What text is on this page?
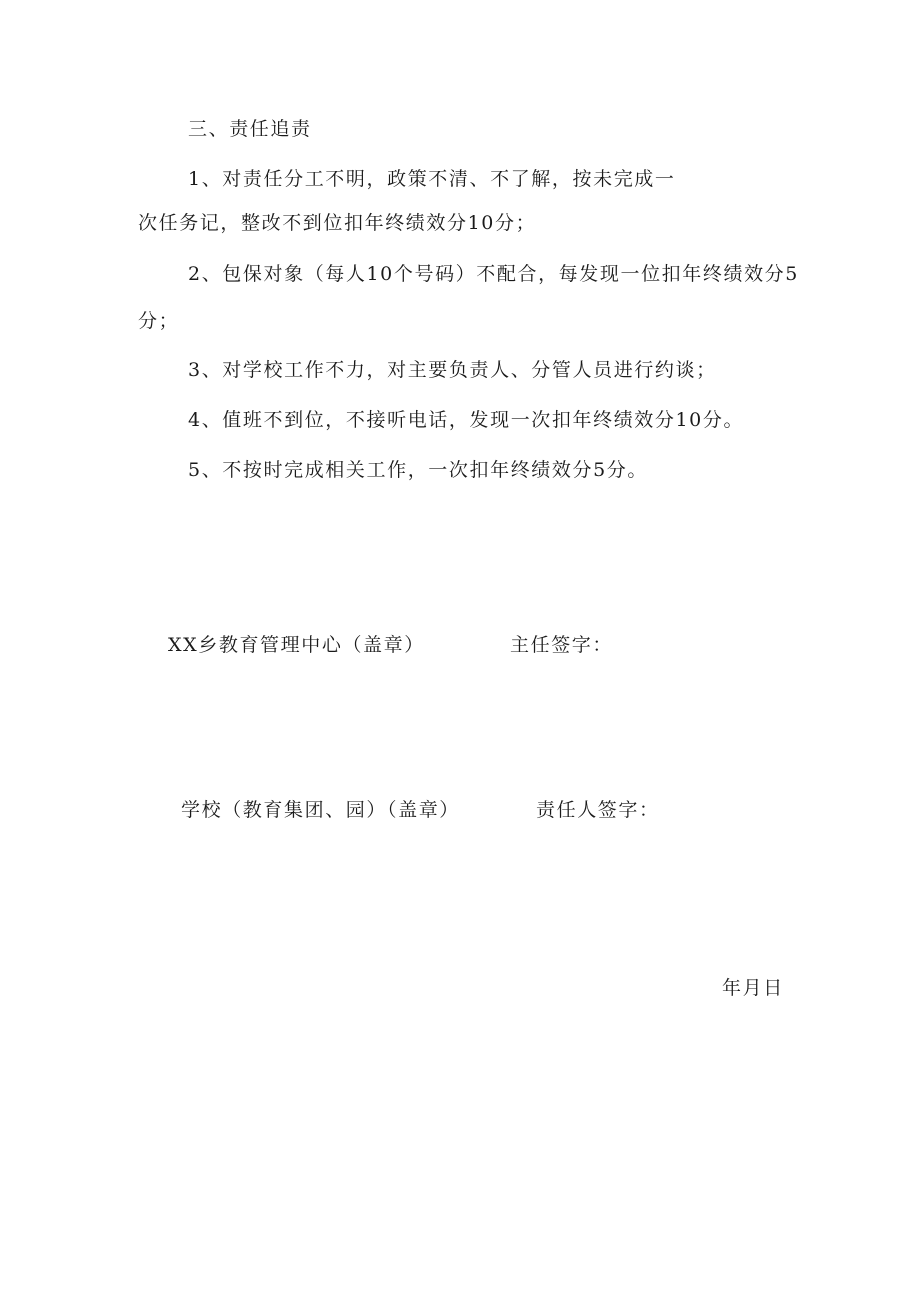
三、责任追责
1、对责任分工不明，政策不清、不了解，按未完成一
次任务记，整改不到位扣年终绩效分10分；
2、包保对象（每人10个号码）不配合，每发现一位扣年终绩效分5
分；
3、对学校工作不力，对主要负责人、分管人员进行约谈；
4、值班不到位，不接听电话，发现一次扣年终绩效分10分。
5、不按时完成相关工作，一次扣年终绩效分5分。
XX乡教育管理中心（盖章）	主任签字：
学校（教育集团、园）（盖章）	责任人签字：
年月日
